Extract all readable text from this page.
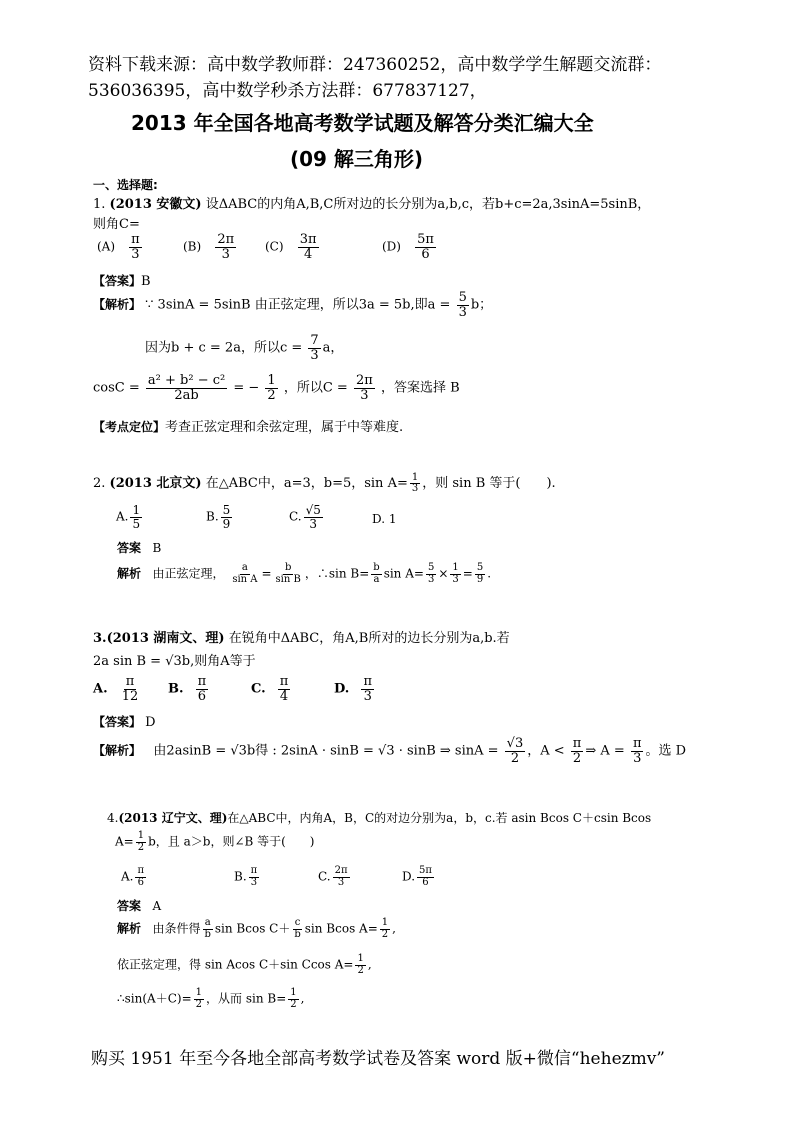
资料下载来源：高中数学教师群：247360252，高中数学学生解题交流群：
536036395，高中数学秒杀方法群：677837127，
2013 年全国各地高考数学试题及解答分类汇编大全
(09 解三角形)
一、选择题:
1. (2013 安徽文) 设ΔABC的内角A,B,C所对边的长分别为a,b,c，若b+c=2a,3sinA=5sinB，
则角C=
$(A) \frac{\pi}{3}$	$(B) \frac{2\pi}{3} (C) \frac{3\pi}{4}$	$(D) \frac{5\pi}{6}$
【答案】B
【解析】 ∵ 3sinA = 5sinB 由正弦定理，所以3a = 5b,即$a = \frac{5}{3}$ b；
因为b + c = 2a，所以$c = \frac{7}{3}$ a，
$\cos C = \frac{\text{a² + b² − c²}}{2ab}$ = − $\frac{1}{2}$ ，所以$C = \frac{2\pi}{3}$ ，答案选择 B
【考点定位】考查正弦定理和余弦定理，属于中等难度.
2. (2013 北京文) 在△ABC中，a=3，b=5，$\sin A= \frac{1}{3}$ ，则 sin B 等于(　　).
A. $\frac{1}{5}$	B. $\frac{5}{9}$	C. $\frac{√5}{3}$	D. 1
答案 B
解析 由正弦定理， $\frac{a}{\text{sin A}} = \frac{b}{\text{sin B}}$ ，∴sin $B= \frac{b}{a}$ $\sin A= \frac{5}{3} \times \frac{1}{3} = \frac{5}{9}$ .
3.(2013 湖南文、理) 在锐角中ΔABC，角A,B所对的边长分别为a,b.若
2a sin B = √3b,则角A等于
A. $\frac{\pi}{12} B$. $\frac{\pi}{6}$	C. $\frac{\pi}{4}$	D. $\frac{\pi}{3}$
【答案】 D
【解析】 由2asinB = √3b得 : 2sinA · sinB = √3 · sinB ⇒ $\sin A = \frac{√3}{2}$ ，$A < \frac{\pi}{2}$ ⇒ $A = \frac{\pi}{3}$ 。选 D
4.(2013 辽宁文、理)在△ABC中，内角A，B，C的对边分别为a，b，c.若 asin Bcos C＋csin Bcos
$A= \frac{1}{2}$ b，且 a＞b，则∠B 等于(　　)
A. $\frac{\pi}{6}$	B. $\frac{\pi}{3}$	C. $\frac{2\pi}{3}$	D. $\frac{5\pi}{6}$
答案 A
解析 由条件得 $\frac{a}{b}$ sin Bcos $C+ \frac{c}{b}$ sin Bcos $A= \frac{1}{2}$ ,
依正弦定理，得 sin Acos C＋sin Ccos $A= \frac{1}{2}$ ,
∴sin(A＋C)= $\frac{1}{2}$ ，从而 $\sin B= \frac{1}{2}$ ,
购买 1951 年至今各地全部高考数学试卷及答案 word 版+微信“hehezmv”
